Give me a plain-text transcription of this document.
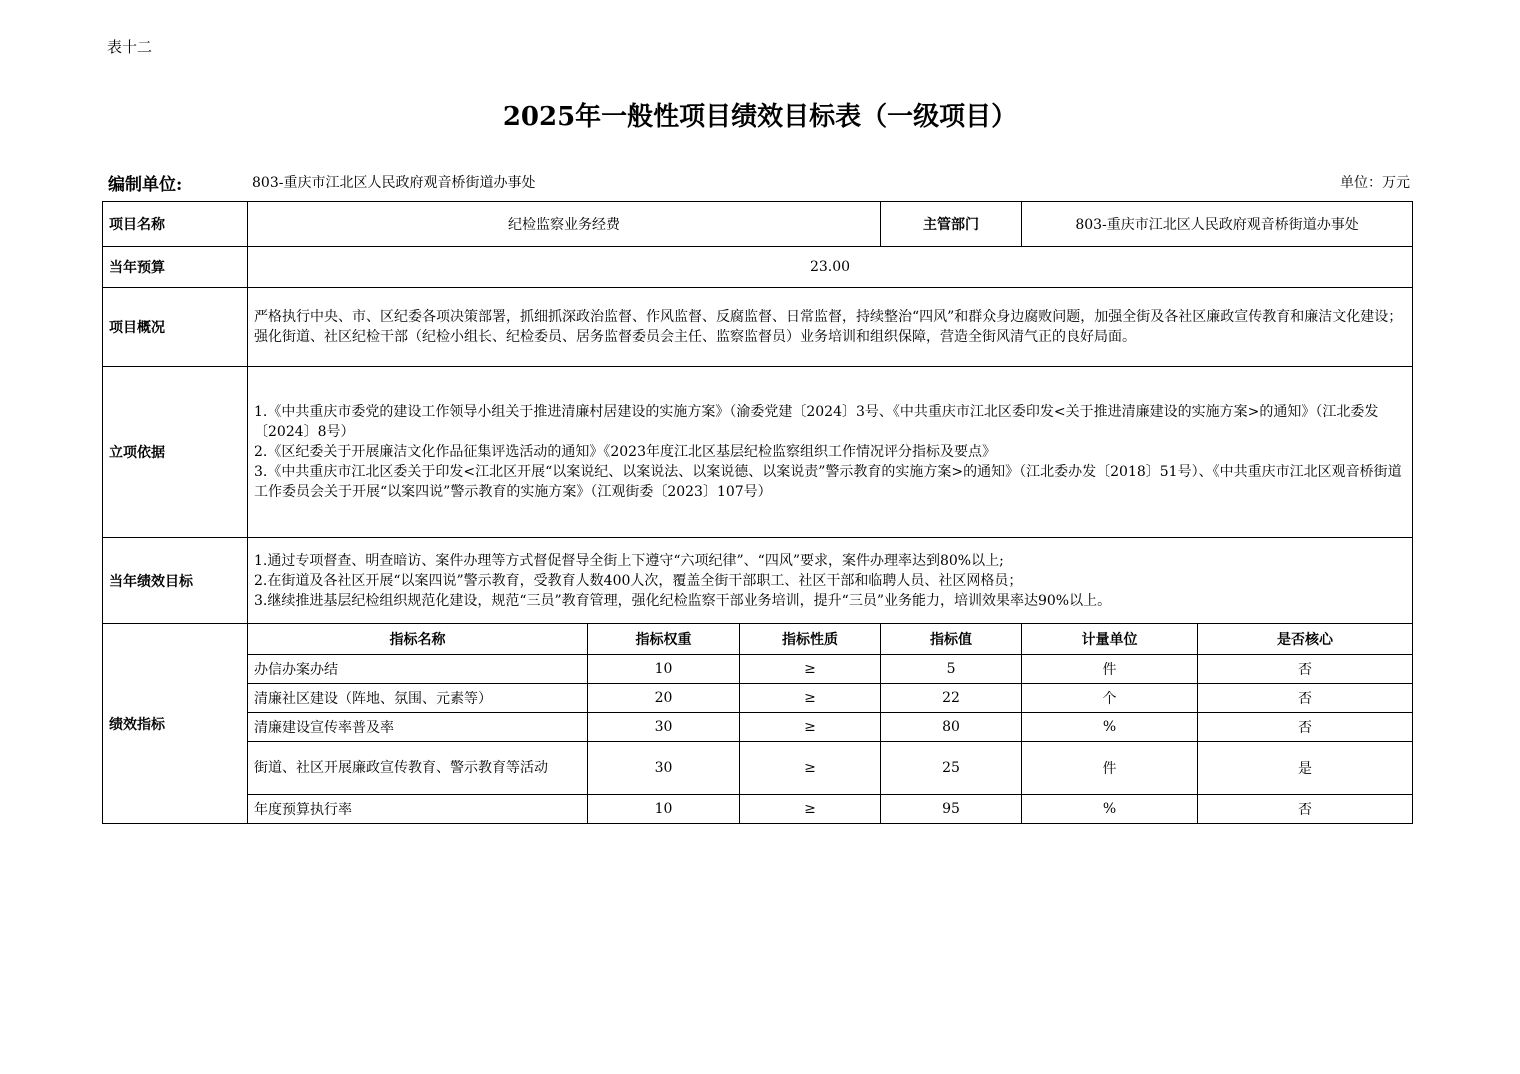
表十二
2025年一般性项目绩效目标表（一级项目）
编制单位:	803-重庆市江北区人民政府观音桥街道办事处	单位：万元
项目名称	纪检监察业务经费			主管部门	803-重庆市江北区人民政府观音桥街道办事处	
当年预算	23.00					
项目概况	严格执行中央、市、区纪委各项决策部署，抓细抓深政治监督、作风监督、反腐监督、日常监督，持续整治“四风”和群众身边腐败问题，加强全街及各社区廉政宣传教育和廉洁文化建设；强化街道、社区纪检干部（纪检小组长、纪检委员、居务监督委员会主任、监察监督员）业务培训和组织保障，营造全街风清气正的良好局面。					
立项依据	1.《中共重庆市委党的建设工作领导小组关于推进清廉村居建设的实施方案》（渝委党建〔2024〕3号、《中共重庆市江北区委印发<关于推进清廉建设的实施方案>的通知》（江北委发〔2024〕8号）
2.《区纪委关于开展廉洁文化作品征集评选活动的通知》《2023年度江北区基层纪检监察组织工作情况评分指标及要点》
3.《中共重庆市江北区委关于印发<江北区开展“以案说纪、以案说法、以案说德、以案说责”警示教育的实施方案>的通知》（江北委办发〔2018〕51号）、《中共重庆市江北区观音桥街道工作委员会关于开展“以案四说”警示教育的实施方案》（江观街委〔2023〕107号）					
当年绩效目标	1.通过专项督查、明查暗访、案件办理等方式督促督导全街上下遵守“六项纪律”、“四风”要求，案件办理率达到80%以上;
2.在街道及各社区开展“以案四说”警示教育，受教育人数400人次，覆盖全街干部职工、社区干部和临聘人员、社区网格员；
3.继续推进基层纪检组织规范化建设，规范“三员”教育管理，强化纪检监察干部业务培训，提升“三员”业务能力，培训效果率达90%以上。					
绩效指标	指标名称	指标权重	指标性质	指标值	计量单位	是否核心
	办信办案办结	10	≥	5	件	否
	清廉社区建设（阵地、氛围、元素等）	20	≥	22	个	否
	清廉建设宣传率普及率	30	≥	80	%	否
	街道、社区开展廉政宣传教育、警示教育等活动	30	≥	25	件	是
	年度预算执行率	10	≥	95	%	否
